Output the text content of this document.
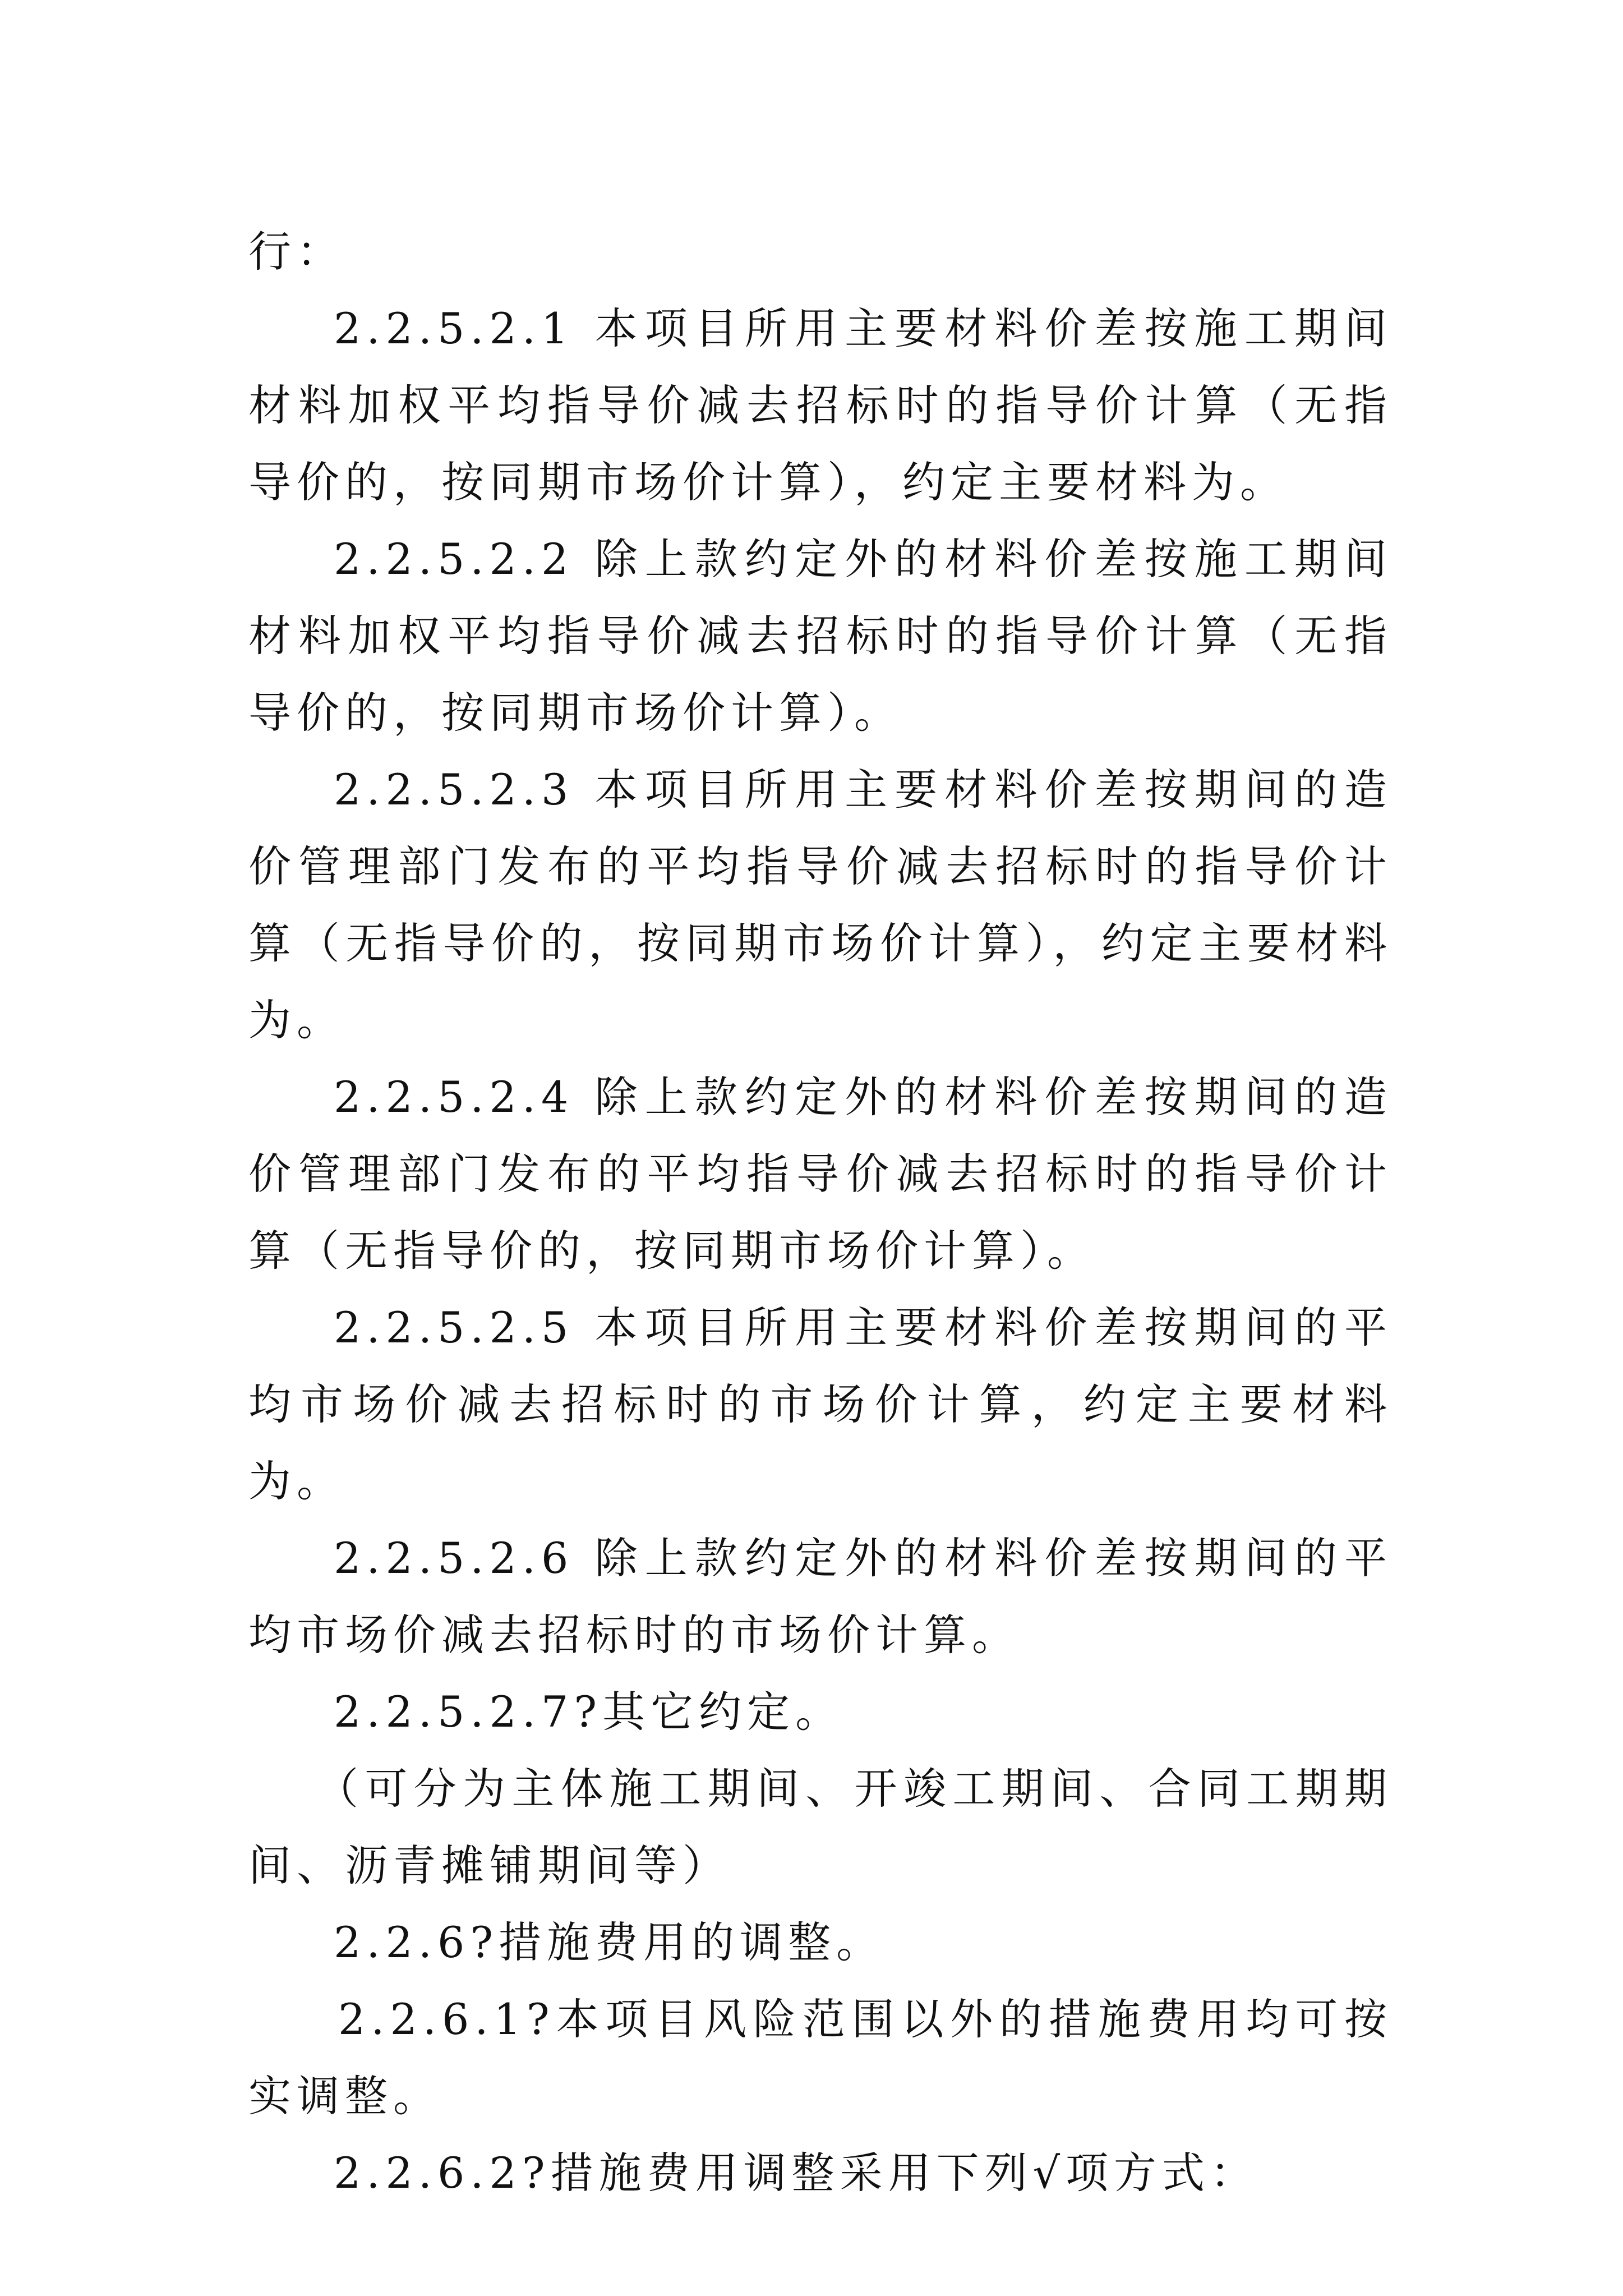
行：

2.2.5.2.1 本项目所用主要材料价差按施工期间材料加权平均指导价减去招标时的指导价计算（无指导价的，按同期市场价计算），约定主要材料为。

2.2.5.2.2 除上款约定外的材料价差按施工期间材料加权平均指导价减去招标时的指导价计算（无指导价的，按同期市场价计算）。

2.2.5.2.3 本项目所用主要材料价差按期间的造价管理部门发布的平均指导价减去招标时的指导价计算（无指导价的，按同期市场价计算），约定主要材料为。

2.2.5.2.4 除上款约定外的材料价差按期间的造价管理部门发布的平均指导价减去招标时的指导价计算（无指导价的，按同期市场价计算）。

2.2.5.2.5 本项目所用主要材料价差按期间的平均市场价减去招标时的市场价计算，约定主要材料为。

2.2.5.2.6 除上款约定外的材料价差按期间的平均市场价减去招标时的市场价计算。

2.2.5.2.7?其它约定。

（可分为主体施工期间、开竣工期间、合同工期期间、沥青摊铺期间等）

2.2.6?措施费用的调整。

2.2.6.1?本项目风险范围以外的措施费用均可按实调整。

2.2.6.2?措施费用调整采用下列√项方式：
